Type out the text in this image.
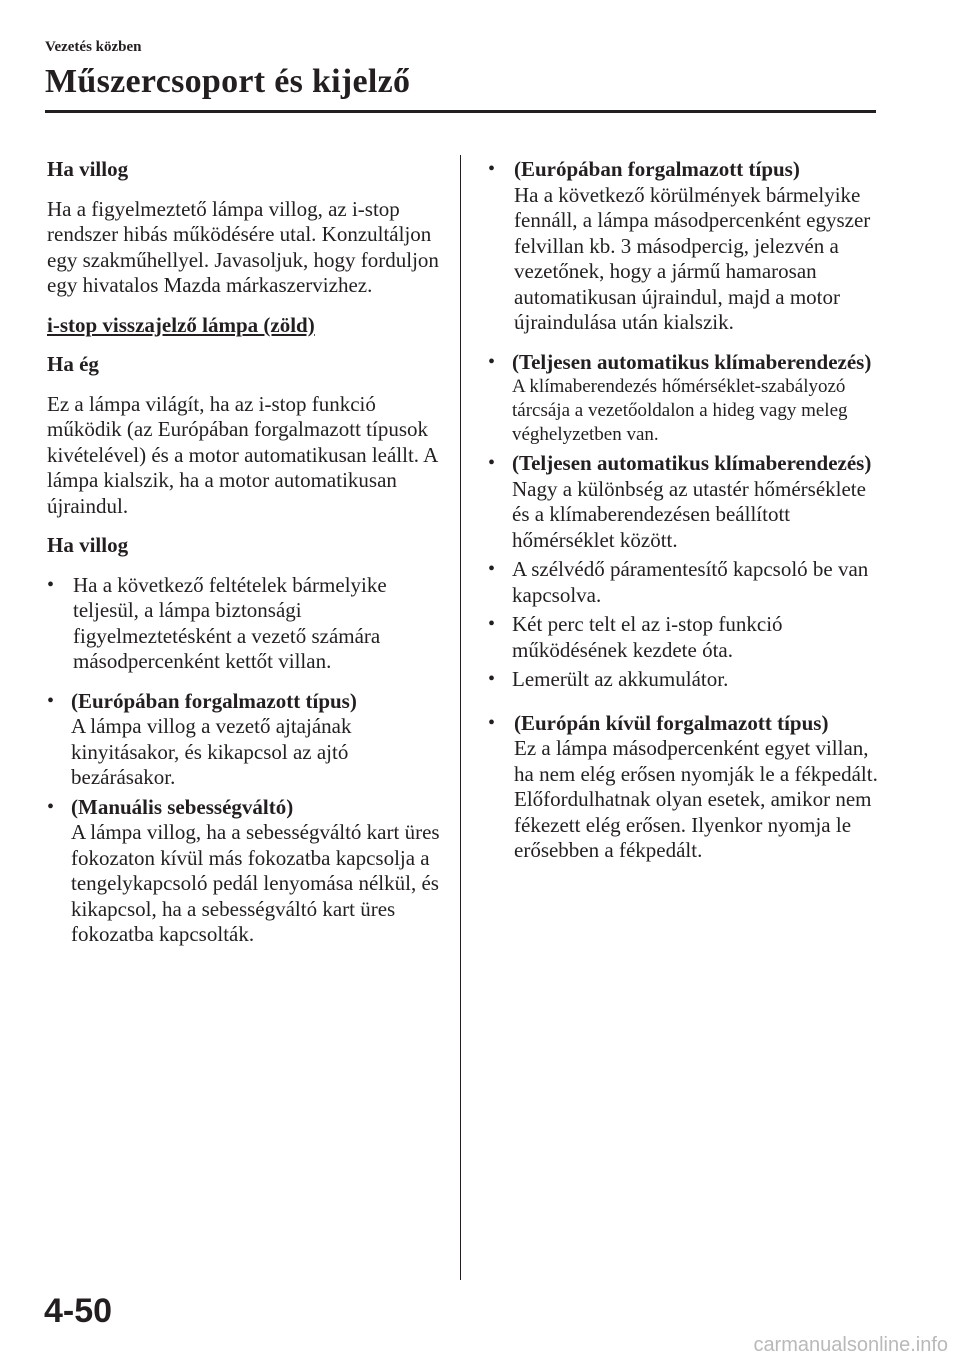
Vezetés közben
Műszercsoport és kijelző
Ha villog
Ha a figyelmeztető lámpa villog, az i-stop rendszer hibás működésére utal. Konzultáljon egy szakműhellyel. Javasoljuk, hogy forduljon egy hivatalos Mazda márkaszervizhez.
i-stop visszajelző lámpa (zöld)
Ha ég
Ez a lámpa világít, ha az i-stop funkció működik (az Európában forgalmazott típusok kivételével) és a motor automatikusan leállt. A lámpa kialszik, ha a motor automatikusan újraindul.
Ha villog
• Ha a következő feltételek bármelyike teljesül, a lámpa biztonsági figyelmeztetésként a vezető számára másodpercenként kettőt villan.
• (Európában forgalmazott típus)
A lámpa villog a vezető ajtajának kinyitásakor, és kikapcsol az ajtó bezárásakor.
• (Manuális sebességváltó)
A lámpa villog, ha a sebességváltó kart üres fokozaton kívül más fokozatba kapcsolja a tengelykapcsoló pedál lenyomása nélkül, és kikapcsol, ha a sebességváltó kart üres fokozatba kapcsolták.
• (Európában forgalmazott típus)
Ha a következő körülmények bármelyike fennáll, a lámpa másodpercenként egyszer felvillan kb. 3 másodpercig, jelezvén a vezetőnek, hogy a jármű hamarosan automatikusan újraindul, majd a motor újraindulása után kialszik.
• (Teljesen automatikus klímaberendezés)
A klímaberendezés hőmérséklet-szabályozó tárcsája a vezetőoldalon a hideg vagy meleg véghelyzetben van.
• (Teljesen automatikus klímaberendezés)
Nagy a különbség az utastér hőmérséklete és a klímaberendezésen beállított hőmérséklet között.
• A szélvédő páramentesítő kapcsoló be van kapcsolva.
• Két perc telt el az i-stop funkció működésének kezdete óta.
• Lemerült az akkumulátor.
• (Európán kívül forgalmazott típus)
Ez a lámpa másodpercenként egyet villan, ha nem elég erősen nyomják le a fékpedált. Előfordulhatnak olyan esetek, amikor nem fékezett elég erősen. Ilyenkor nyomja le erősebben a fékpedált.
4-50
carmanualsonline.info
